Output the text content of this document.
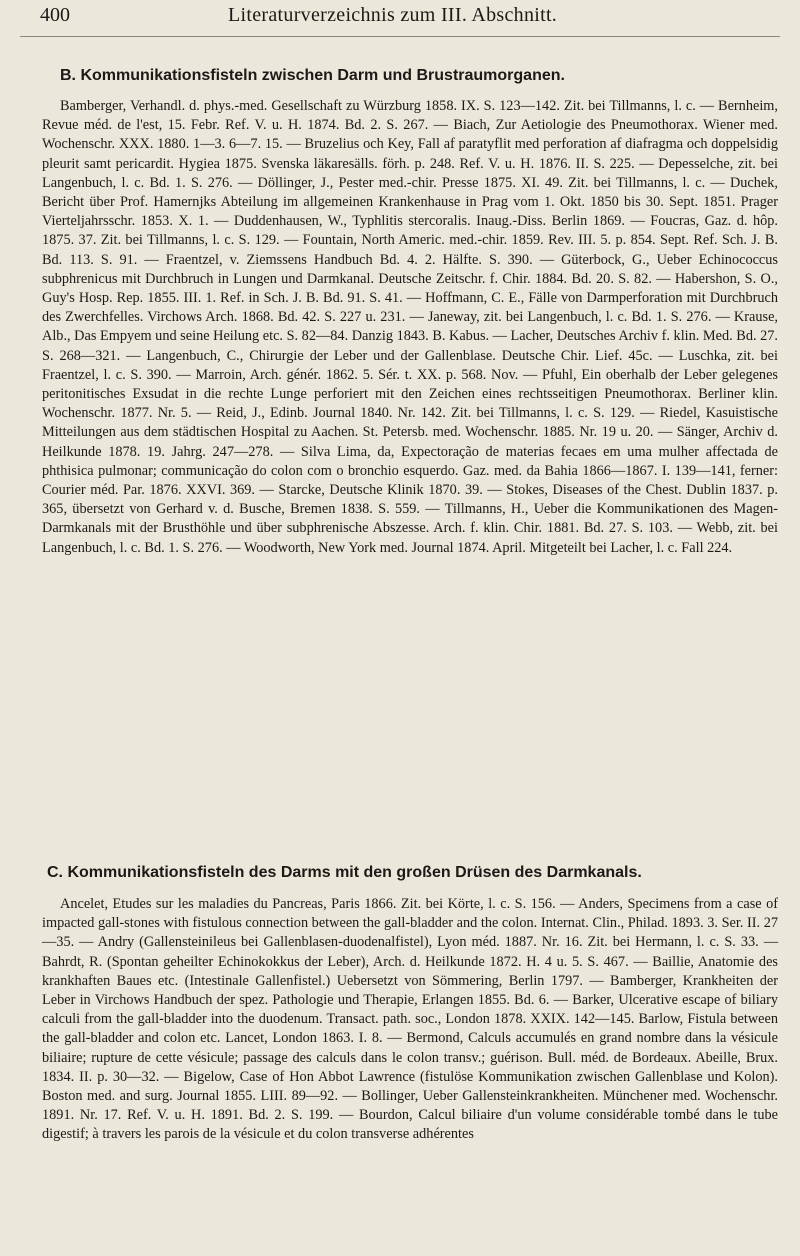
400	Literaturverzeichnis zum III. Abschnitt.
B. Kommunikationsfisteln zwischen Darm und Brustraumorganen.

Bamberger, Verhandl. d. phys.-med. Gesellschaft zu Würzburg 1858. IX. S. 123—142. Zit. bei Tillmanns, l. c. — Bernheim, Revue méd. de l'est, 15. Febr. Ref. V. u. H. 1874. Bd. 2. S. 267. — Biach, Zur Aetiologie des Pneumothorax. Wiener med. Wochenschr. XXX. 1880. 1—3. 6—7. 15. — Bruzelius och Key, Fall af paratyflit med perforation af diafragma och doppelsidig pleurit samt pericardit. Hygiea 1875. Svenska läkaresälls. förh. p. 248. Ref. V. u. H. 1876. II. S. 225. — Depesselche, zit. bei Langenbuch, l. c. Bd. 1. S. 276. — Döllinger, J., Pester med.-chir. Presse 1875. XI. 49. Zit. bei Tillmanns, l. c. — Duchek, Bericht über Prof. Hamernjks Abteilung im allgemeinen Krankenhause in Prag vom 1. Okt. 1850 bis 30. Sept. 1851. Prager Vierteljahrsschr. 1853. X. 1. — Duddenhausen, W., Typhlitis stercoralis. Inaug.-Diss. Berlin 1869. — Foucras, Gaz. d. hôp. 1875. 37. Zit. bei Tillmanns, l. c. S. 129. — Fountain, North Americ. med.-chir. 1859. Rev. III. 5. p. 854. Sept. Ref. Sch. J. B. Bd. 113. S. 91. — Fraentzel, v. Ziemssens Handbuch Bd. 4. 2. Hälfte. S. 390. — Güterbock, G., Ueber Echinococcus subphrenicus mit Durchbruch in Lungen und Darmkanal. Deutsche Zeitschr. f. Chir. 1884. Bd. 20. S. 82. — Habershon, S. O., Guy's Hosp. Rep. 1855. III. 1. Ref. in Sch. J. B. Bd. 91. S. 41. — Hoffmann, C. E., Fälle von Darmperforation mit Durchbruch des Zwerchfelles. Virchows Arch. 1868. Bd. 42. S. 227 u. 231. — Janeway, zit. bei Langenbuch, l. c. Bd. 1. S. 276. — Krause, Alb., Das Empyem und seine Heilung etc. S. 82—84. Danzig 1843. B. Kabus. — Lacher, Deutsches Archiv f. klin. Med. Bd. 27. S. 268—321. — Langenbuch, C., Chirurgie der Leber und der Gallenblase. Deutsche Chir. Lief. 45c. — Luschka, zit. bei Fraentzel, l. c. S. 390. — Marroin, Arch. génér. 1862. 5. Sér. t. XX. p. 568. Nov. — Pfuhl, Ein oberhalb der Leber gelegenes peritonitisches Exsudat in die rechte Lunge perforiert mit den Zeichen eines rechtsseitigen Pneumothorax. Berliner klin. Wochenschr. 1877. Nr. 5. — Reid, J., Edinb. Journal 1840. Nr. 142. Zit. bei Tillmanns, l. c. S. 129. — Riedel, Kasuistische Mitteilungen aus dem städtischen Hospital zu Aachen. St. Petersb. med. Wochenschr. 1885. Nr. 19 u. 20. — Sänger, Archiv d. Heilkunde 1878. 19. Jahrg. 247—278. — Silva Lima, da, Expectoração de materias fecaes em uma mulher affectada de phthisica pulmonar; communicação do colon com o bronchio esquerdo. Gaz. med. da Bahia 1866—1867. I. 139—141, ferner: Courier méd. Par. 1876. XXVI. 369. — Starcke, Deutsche Klinik 1870. 39. — Stokes, Diseases of the Chest. Dublin 1837. p. 365, übersetzt von Gerhard v. d. Busche, Bremen 1838. S. 559. — Tillmanns, H., Ueber die Kommunikationen des Magen-Darmkanals mit der Brusthöhle und über subphrenische Abszesse. Arch. f. klin. Chir. 1881. Bd. 27. S. 103. — Webb, zit. bei Langenbuch, l. c. Bd. 1. S. 276. — Woodworth, New York med. Journal 1874. April. Mitgeteilt bei Lacher, l. c. Fall 224.

C. Kommunikationsfisteln des Darms mit den großen Drüsen des Darmkanals.

Ancelet, Etudes sur les maladies du Pancreas, Paris 1866. Zit. bei Körte, l. c. S. 156. — Anders, Specimens from a case of impacted gall-stones with fistulous connection between the gall-bladder and the colon. Internat. Clin., Philad. 1893. 3. Ser. II. 27—35. — Andry (Gallensteinileus bei Gallenblasen-duodenalfistel), Lyon méd. 1887. Nr. 16. Zit. bei Hermann, l. c. S. 33. — Bahrdt, R. (Spontan geheilter Echinokokkus der Leber), Arch. d. Heilkunde 1872. H. 4 u. 5. S. 467. — Baillie, Anatomie des krankhaften Baues etc. (Intestinale Gallenfistel.) Uebersetzt von Sömmering, Berlin 1797. — Bamberger, Krankheiten der Leber in Virchows Handbuch der spez. Pathologie und Therapie, Erlangen 1855. Bd. 6. — Barker, Ulcerative escape of biliary calculi from the gall-bladder into the duodenum. Transact. path. soc., London 1878. XXIX. 142—145. Barlow, Fistula between the gall-bladder and colon etc. Lancet, London 1863. I. 8. — Bermond, Calculs accumulés en grand nombre dans la vésicule biliaire; rupture de cette vésicule; passage des calculs dans le colon transv.; guérison. Bull. méd. de Bordeaux. Abeille, Brux. 1834. II. p. 30—32. — Bigelow, Case of Hon Abbot Lawrence (fistulöse Kommunikation zwischen Gallenblase und Kolon). Boston med. and surg. Journal 1855. LIII. 89—92. — Bollinger, Ueber Gallensteinkrankheiten. Münchener med. Wochenschr. 1891. Nr. 17. Ref. V. u. H. 1891. Bd. 2. S. 199. — Bourdon, Calcul biliaire d'un volume considérable tombé dans le tube digestif; à travers les parois de la vésicule et du colon transverse adhérentes
